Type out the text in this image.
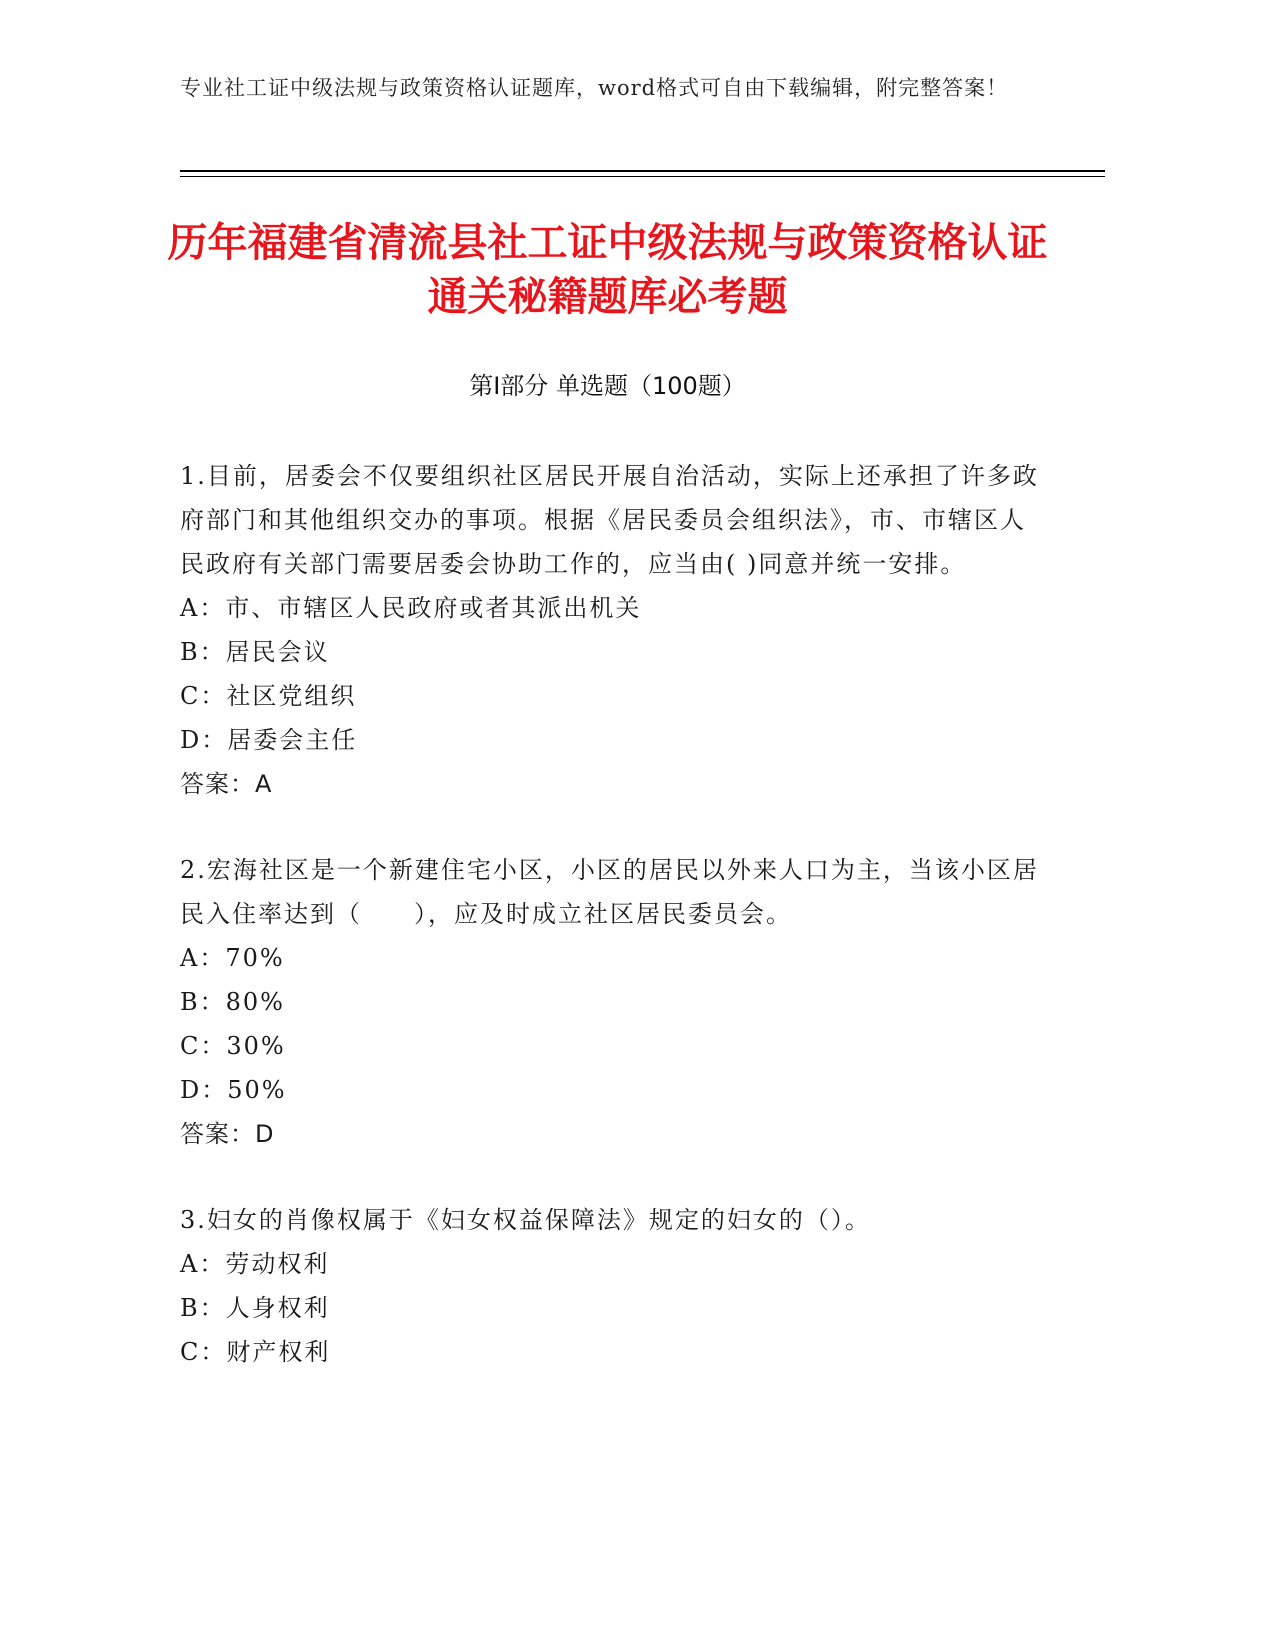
专业社工证中级法规与政策资格认证题库，word格式可自由下载编辑，附完整答案！
历年福建省清流县社工证中级法规与政策资格认证通关秘籍题库必考题
第Ⅰ部分 单选题（100题）
1.目前，居委会不仅要组织社区居民开展自治活动，实际上还承担了许多政府部门和其他组织交办的事项。根据《居民委员会组织法》，市、市辖区人民政府有关部门需要居委会协助工作的，应当由( )同意并统一安排。
A：市、市辖区人民政府或者其派出机关
B：居民会议
C：社区党组织
D：居委会主任
答案：A
2.宏海社区是一个新建住宅小区，小区的居民以外来人口为主，当该小区居民入住率达到（　　），应及时成立社区居民委员会。
A：70%
B：80%
C：30%
D：50%
答案：D
3.妇女的肖像权属于《妇女权益保障法》规定的妇女的（）。
A：劳动权利
B：人身权利
C：财产权利
